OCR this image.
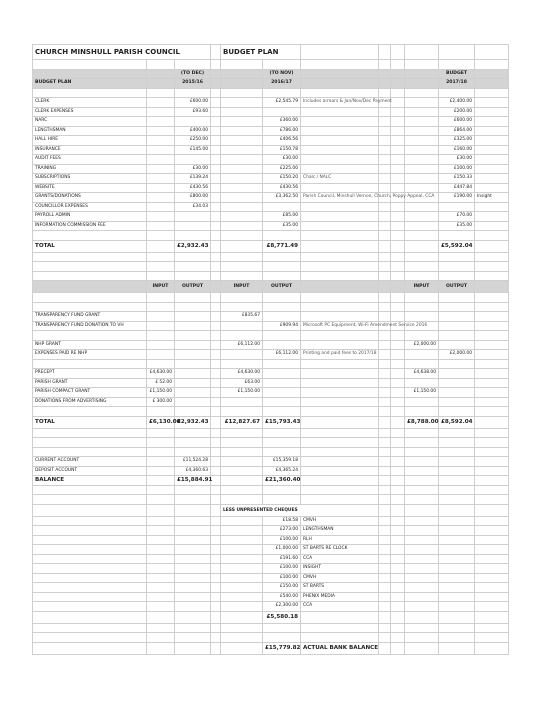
CHURCH MINSHULL PARISH COUNCIL				BUDGET PLAN							

		(TO DEC)			(TO NOV)					BUDGET	
BUDGET PLAN		2015/16			2016/17					2017/18	

CLERK		£600.00			£2,545.79	Includes arrears & Jan/Nov/Dec Payment				£2,400.00	
CLERK EXPENSES		£93.60								£200.00	
NARC					£360.00					£600.00	
LENGTHSMAN		£400.00			£786.00					£864.00	
HALL HIRE		£250.00			£406.56					£325.00	
INSURANCE		£145.00			£150.78					£160.00	
AUDIT FEES					£30.00					£30.00	
TRAINING		£30.00			£225.00					£100.00	
SUBSCRIPTIONS		£139.24			£150.20	Chalc / NALC				£150.33	
WEBSITE		£430.56			£430.56					£447.84	
GRANTS/DONATIONS		£800.00			£3,362.50	Parish Council, Minshull Vernon, Church, Poppy Appeal, CCA				£190.00	Insight
COUNCILLOR EXPENSES		£34.03									
PAYROLL ADMIN					£85.00					£70.00	
INFORMATION COMMISSION FEE					£35.00					£35.00	

TOTAL		£2,932.43			£8,771.49					£5,592.04	

	INPUT	OUTPUT		INPUT	OUTPUT				INPUT	OUTPUT	

TRANSPARENCY FUND GRANT				£835.67							
TRANSPARENCY FUND DONATION TO VH					£909.94	Microsoft PC Equipment, Wi-Fi Amendment Service 2016					

NHP GRANT				£6,112.00					£2,000.00		
EXPENSES PAID RE NHP					£6,112.00	Printing and paid fees to 2017/18				£2,000.00	

PRECEPT	£4,630.00			£4,630.00					£4,638.00		
PARISH GRANT	£ 52.00			£63.00							
PARISH COMPACT GRANT	£1,150.00			£1,150.00					£1,150.00		
DONATIONS FROM ADVERTISING	£ 300.00										

TOTAL	£6,130.00	£2,932.43		£12,827.67	£15,793.43				£8,788.00	£8,592.04	

CURRENT ACCOUNT		£11,524.28			£15,359.18						
DEPOSIT ACCOUNT		£4,360.63			£4,365.24						
BALANCE		£15,884.91			£21,360.40						

				LESS UNPRESENTED CHEQUES							
					£18.58	CMVH					
					£273.00	LENGTHSMAN					
					£100.00	RLH					
					£1,000.00	ST BARTS RE CLOCK					
					£191.60	CCA					
					£100.00	INSIGHT					
					£100.00	CMVH					
					£150.00	ST BARTS					
					£540.00	PHENIX MEDIA					
					£2,300.00	CCA					
					£5,580.18						

					£15,779.82	ACTUAL BANK BALANCE					
